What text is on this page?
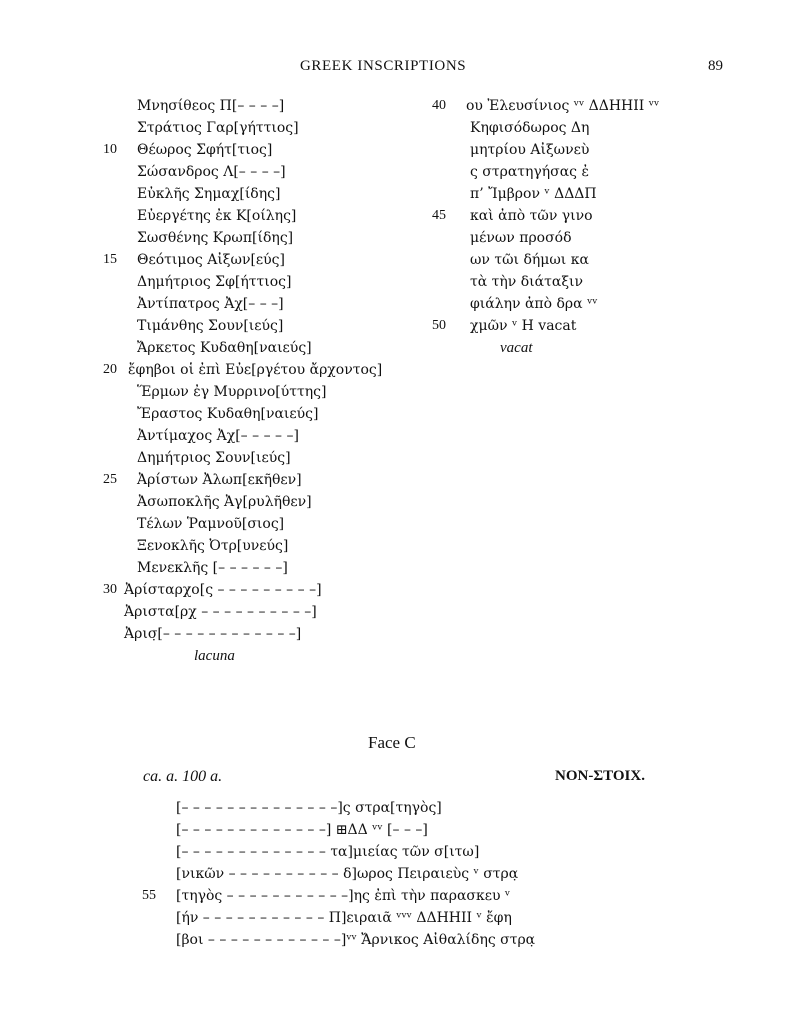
GREEK INSCRIPTIONS	89
Μνησίθεος Π[– – – –]
Στράτιος Γαρ[γήττιος]
Θέωρος Σφήτ[τιος]
Σώσανδρος Λ[– – – –]
Εὐκλῆς Σημαχ[ίδης]
Εὐεργέτης ἐκ Κ[οίλης]
Σωσθένης Κρωπ[ίδης]
Θεότιμος Αἰξων[εύς]
Δημήτριος Σφ[ήττιος]
Ἀντίπατρος Ἀχ[– – –]
Τιμάνθης Σουν[ιεύς]
Ἄρκετος Κυδαθη[ναιεύς]
ἔφηβοι οἱ ἐπὶ Εὐε[ργέτου ἄρχοντος]
Ἕρμων ἐγ Μυρρινο[ύττης]
Ἔραστος Κυδαθη[ναιεύς]
Ἀντίμαχος Ἀχ[– – – – –]
Δημήτριος Σουν[ιεύς]
Ἀρίστων Ἀλωπ[εκῆθεν]
Ἀσωποκλῆς Ἀγ[ρυλῆθεν]
Τέλων Ῥαμνοῦ[σιος]
Ξενοκλῆς Ὀτρ[υνεύς]
Μενεκλῆς [– – – – – –]
Ἀρίσταρχο[ς – – – – – – – – –]
Ἀριστα[ρχ – – – – – – – – – –]
Ἀρισ̣[– – – – – – – – – – – –]
lacuna
10
15
20
25
30
ου Ἐλευσίνιος ᵛᵛ ΔΔΗΗΙΙ ᵛᵛ
Κηφισόδωρος Δη
μητρίου Αἰξωνεὺ
ς στρατηγήσας ἐ
π’ Ἴμβρον ᵛ ΔΔΔΠ
καὶ ἀπὸ τῶν γινο
μένων προσόδ
ων τῶι δήμωι κα
τὰ τὴν διάταξιν
φιάλην ἀπὸ δρα ᵛᵛ
χμῶν ᵛ Η vacat
vacat
40
45
50
Face C
ca. a. 100 a.	NON-ΣΤΟΙΧ.
[– – – – – – – – – – – – – –]ς στρα[τηγὸς]
[– – – – – – – – – – – – –] ⊞ΔΔ ᵛᵛ [– – –]
[– – – – – – – – – – – – – τα]μιείας τῶν σ[ιτω]
[νικῶν – – – – – – – – – – δ]ωρος Πειραιεὺς ᵛ στρα̣
[τηγὸς – – – – – – – – – – –]ης ἐπὶ τὴν παρασκευ ᵛ
[ήν – – – – – – – – – – – Π]ειραιᾶ ᵛᵛᵛ ΔΔΗΗΙΙ ᵛ ἔφη
[βοι – – – – – – – – – – – –]ᵛᵛ Ἄρνικος Αἰθαλίδης στρα̣
55
